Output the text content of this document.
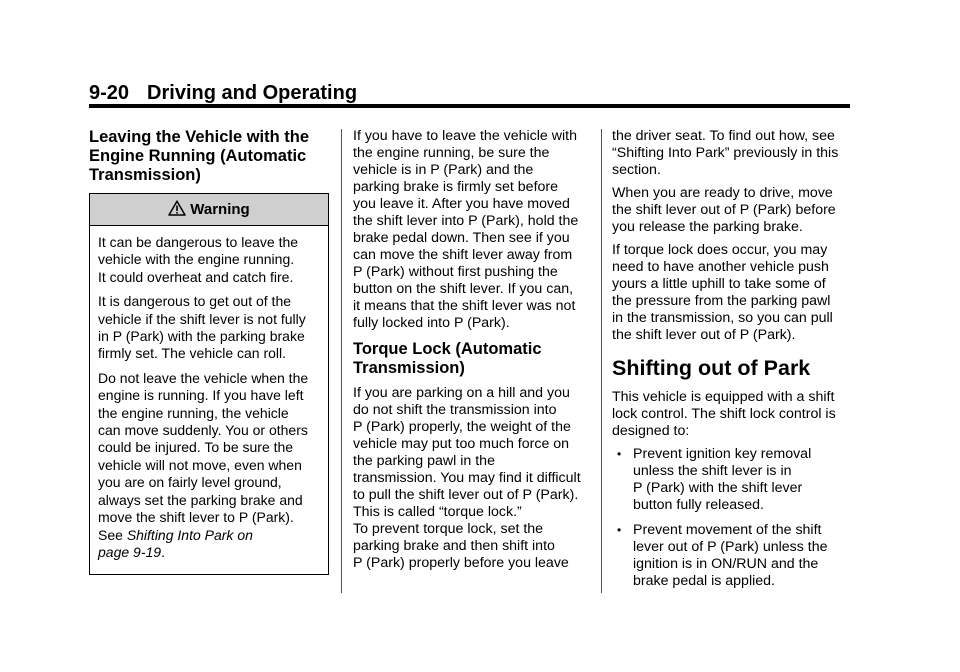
9-20 Driving and Operating
Leaving the Vehicle with the
Engine Running (Automatic
Transmission)
Warning

It can be dangerous to leave the
vehicle with the engine running.
It could overheat and catch fire.

It is dangerous to get out of the
vehicle if the shift lever is not fully
in P (Park) with the parking brake
firmly set. The vehicle can roll.

Do not leave the vehicle when the
engine is running. If you have left
the engine running, the vehicle
can move suddenly. You or others
could be injured. To be sure the
vehicle will not move, even when
you are on fairly level ground,
always set the parking brake and
move the shift lever to P (Park).

See Shifting Into Park on
page 9-19.

If you have to leave the vehicle with
the engine running, be sure the
vehicle is in P (Park) and the
parking brake is firmly set before
you leave it. After you have moved
the shift lever into P (Park), hold the
brake pedal down. Then see if you
can move the shift lever away from
P (Park) without first pushing the
button on the shift lever. If you can,
it means that the shift lever was not
fully locked into P (Park).

Torque Lock (Automatic
Transmission)

If you are parking on a hill and you
do not shift the transmission into
P (Park) properly, the weight of the
vehicle may put too much force on
the parking pawl in the
transmission. You may find it difficult
to pull the shift lever out of P (Park).
This is called “torque lock.”
To prevent torque lock, set the
parking brake and then shift into
P (Park) properly before you leave

the driver seat. To find out how, see
“Shifting Into Park” previously in this
section.

When you are ready to drive, move
the shift lever out of P (Park) before
you release the parking brake.

If torque lock does occur, you may
need to have another vehicle push
yours a little uphill to take some of
the pressure from the parking pawl
in the transmission, so you can pull
the shift lever out of P (Park).

Shifting out of Park

This vehicle is equipped with a shift
lock control. The shift lock control is
designed to:

• Prevent ignition key removal
unless the shift lever is in
P (Park) with the shift lever
button fully released.
• Prevent movement of the shift
lever out of P (Park) unless the
ignition is in ON/RUN and the
brake pedal is applied.
